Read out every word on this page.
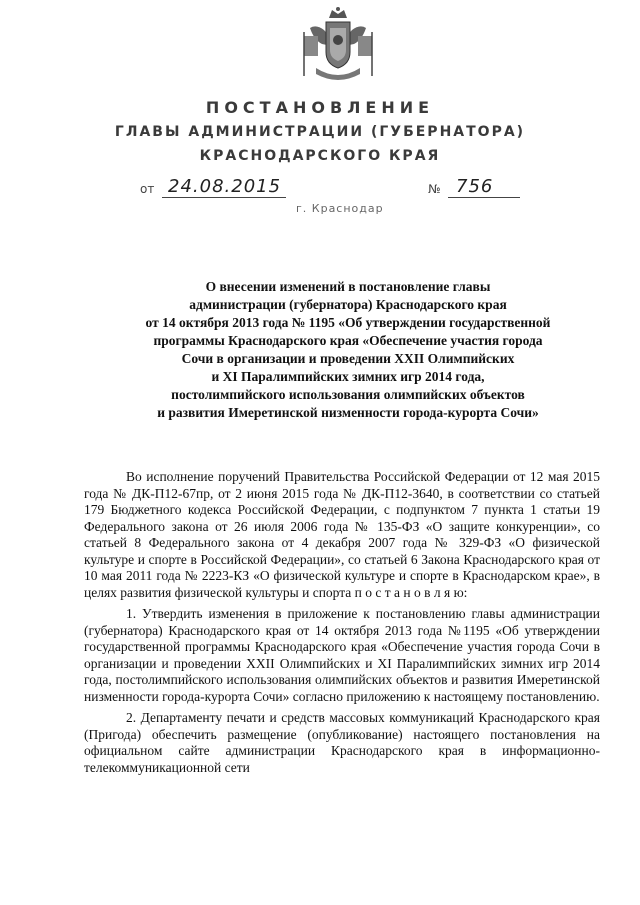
ПОСТАНОВЛЕНИЕ
ГЛАВЫ АДМИНИСТРАЦИИ (ГУБЕРНАТОРА)
КРАСНОДАРСКОГО КРАЯ
от 24.08.2015	№ 756
г. Краснодар
О внесении изменений в постановление главы
администрации (губернатора) Краснодарского края
от 14 октября 2013 года № 1195 «Об утверждении государственной
программы Краснодарского края «Обеспечение участия города
Сочи в организации и проведении XXII Олимпийских
и XI Паралимпийских зимних игр 2014 года,
постолимпийского использования олимпийских объектов
и развития Имеретинской низменности города-курорта Сочи»

Во исполнение поручений Правительства Российской Федерации от 12 мая 2015 года № ДК-П12-67пр, от 2 июня 2015 года № ДК-П12-3640, в соответствии со статьей 179 Бюджетного кодекса Российской Федерации, с подпунктом 7 пункта 1 статьи 19 Федерального закона от 26 июля 2006 года № 135-ФЗ «О защите конкуренции», со статьей 8 Федерального закона от 4 декабря 2007 года № 329-ФЗ «О физической культуре и спорте в Российской Федерации», со статьей 6 Закона Краснодарского края от 10 мая 2011 года № 2223-КЗ «О физической культуре и спорте в Краснодарском крае», в целях развития физической культуры и спорта п о с т а н о в л я ю:

1. Утвердить изменения в приложение к постановлению главы администрации (губернатора) Краснодарского края от 14 октября 2013 года №1195 «Об утверждении государственной программы Краснодарского края «Обеспечение участия города Сочи в организации и проведении XXII Олимпийских и XI Паралимпийских зимних игр 2014 года, постолимпийского использования олимпийских объектов и развития Имеретинской низменности города-курорта Сочи» согласно приложению к настоящему постановлению.

2. Департаменту печати и средств массовых коммуникаций Краснодарского края (Пригода) обеспечить размещение (опубликование) настоящего постановления на официальном сайте администрации Краснодарского края в информационно-телекоммуникационной сети
